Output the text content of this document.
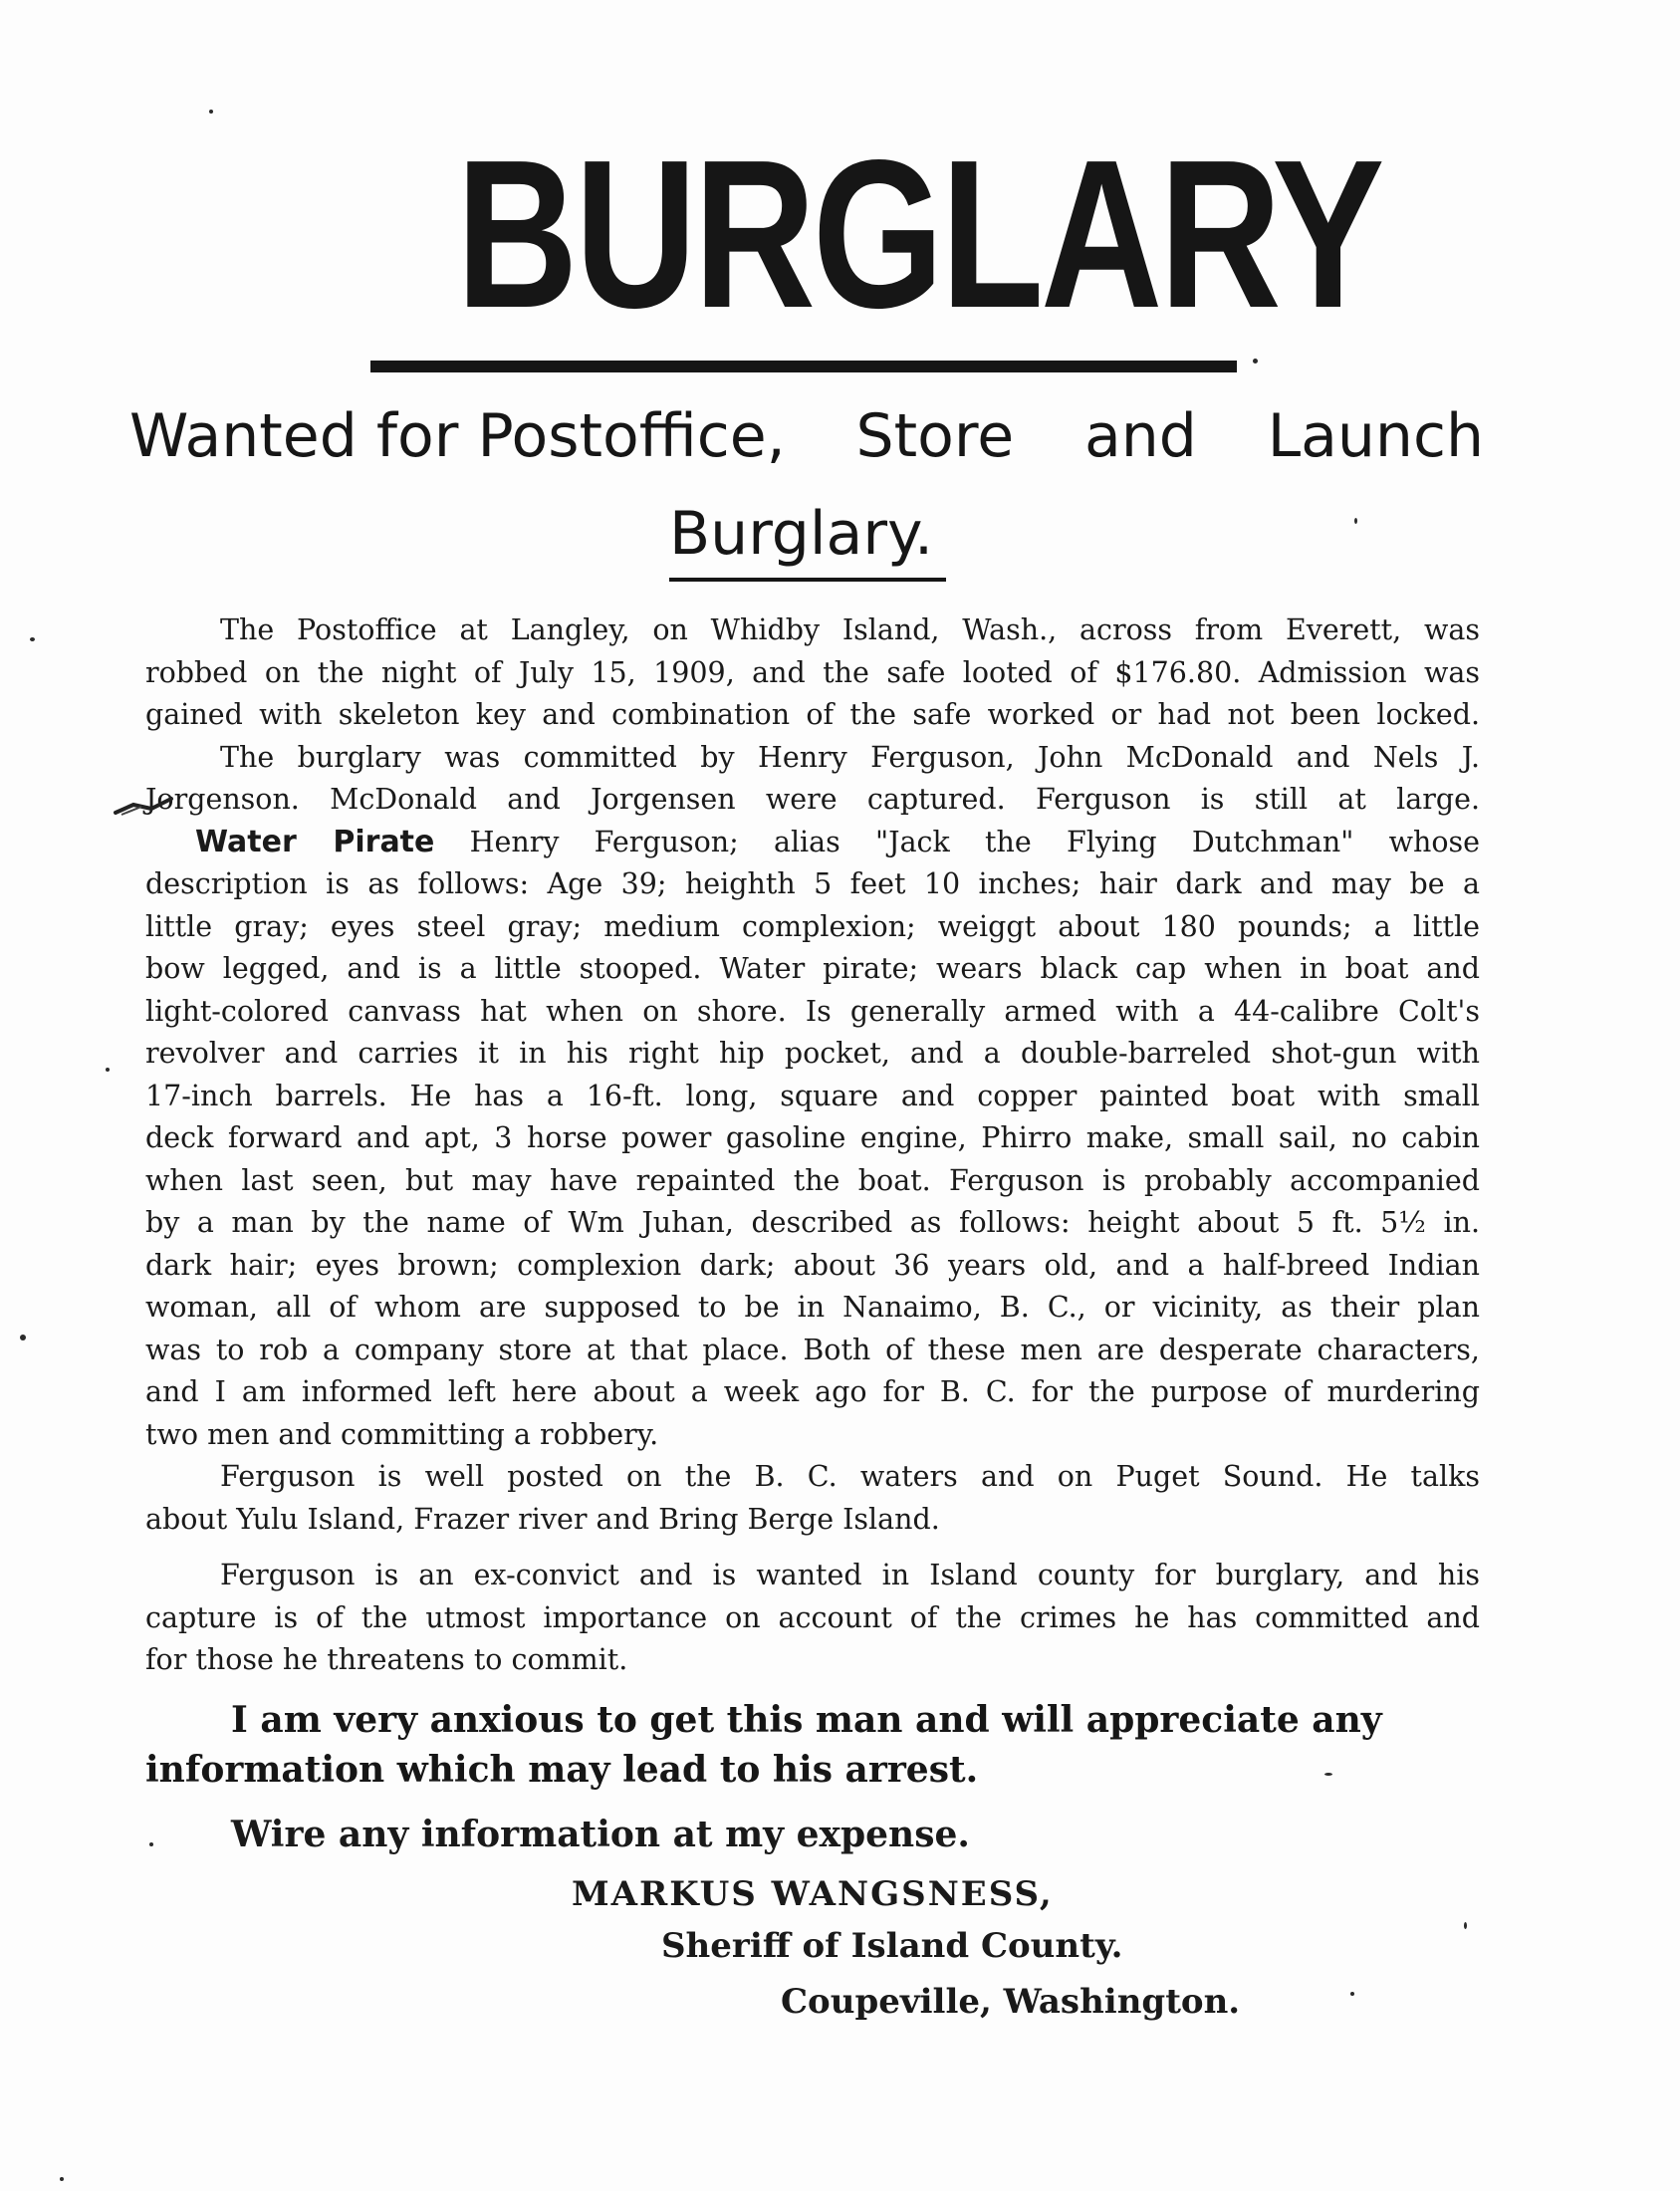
BURGLARY
Wanted for Postoffice, Store and Launch
Burglary.
The Postoffice at Langley, on Whidby Island, Wash., across from Everett, was
robbed on the night of July 15, 1909, and the safe looted of $176.80. Admission was
gained with skeleton key and combination of the safe worked or had not been locked.
The burglary was committed by Henry Ferguson, John McDonald and Nels J.
Jorgenson. McDonald and Jorgensen were captured. Ferguson is still at large.
Water Pirate Henry Ferguson; alias "Jack the Flying Dutchman" whose
description is as follows: Age 39; heighth 5 feet 10 inches; hair dark and may be a
little gray; eyes steel gray; medium complexion; weiggt about 180 pounds; a little
bow legged, and is a little stooped. Water pirate; wears black cap when in boat and
light-colored canvass hat when on shore. Is generally armed with a 44-calibre Colt's
revolver and carries it in his right hip pocket, and a double-barreled shot-gun with
17-inch barrels. He has a 16-ft. long, square and copper painted boat with small
deck forward and apt, 3 horse power gasoline engine, Phirro make, small sail, no cabin
when last seen, but may have repainted the boat. Ferguson is probably accompanied
by a man by the name of Wm Juhan, described as follows: height about 5 ft. 5½ in.
dark hair; eyes brown; complexion dark; about 36 years old, and a half-breed Indian
woman, all of whom are supposed to be in Nanaimo, B. C., or vicinity, as their plan
was to rob a company store at that place. Both of these men are desperate characters,
and I am informed left here about a week ago for B. C. for the purpose of murdering
two men and committing a robbery.
Ferguson is well posted on the B. C. waters and on Puget Sound. He talks
about Yulu Island, Frazer river and Bring Berge Island.
Ferguson is an ex-convict and is wanted in Island county for burglary, and his
capture is of the utmost importance on account of the crimes he has committed and
for those he threatens to commit.
I am very anxious to get this man and will appreciate any
information which may lead to his arrest.
Wire any information at my expense.
MARKUS WANGSNESS,
Sheriff of Island County.
Coupeville, Washington.
